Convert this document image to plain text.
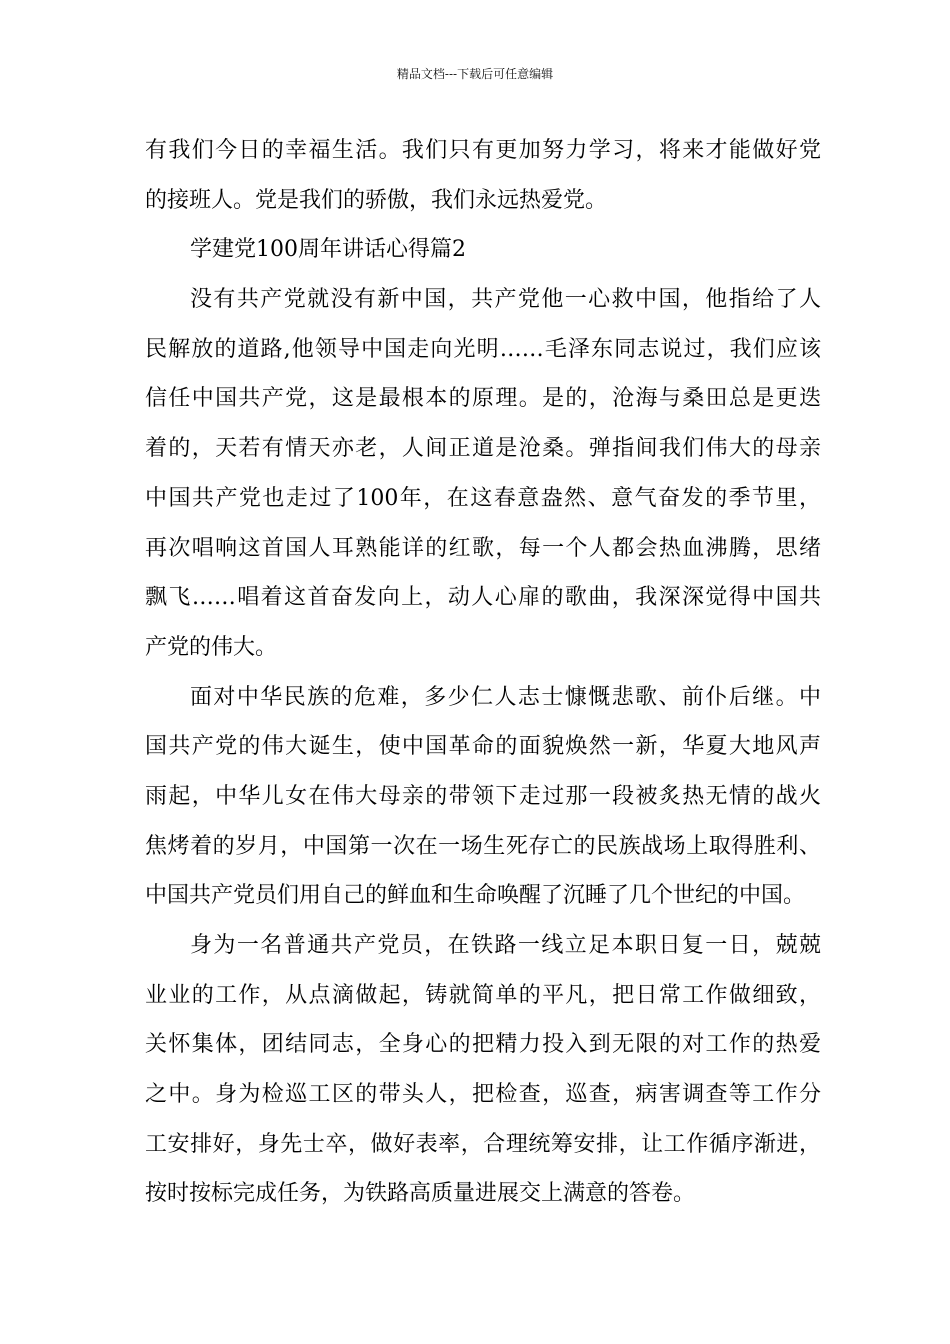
精品文档---下载后可任意编辑
有我们今日的幸福生活。我们只有更加努力学习，将来才能做好党
的接班人。党是我们的骄傲，我们永远热爱党。
学建党100周年讲话心得篇2
没有共产党就没有新中国，共产党他一心救中国，他指给了人
民解放的道路,他领导中国走向光明……毛泽东同志说过，我们应该
信任中国共产党，这是最根本的原理。是的，沧海与桑田总是更迭
着的，天若有情天亦老，人间正道是沧桑。弹指间我们伟大的母亲
中国共产党也走过了100年，在这春意盎然、意气奋发的季节里，
再次唱响这首国人耳熟能详的红歌，每一个人都会热血沸腾，思绪
飘飞……唱着这首奋发向上，动人心扉的歌曲，我深深觉得中国共
产党的伟大。
面对中华民族的危难，多少仁人志士慷慨悲歌、前仆后继。中
国共产党的伟大诞生，使中国革命的面貌焕然一新，华夏大地风声
雨起，中华儿女在伟大母亲的带领下走过那一段被炙热无情的战火
焦烤着的岁月，中国第一次在一场生死存亡的民族战场上取得胜利、
中国共产党员们用自己的鲜血和生命唤醒了沉睡了几个世纪的中国。
身为一名普通共产党员，在铁路一线立足本职日复一日，兢兢
业业的工作，从点滴做起，铸就简单的平凡，把日常工作做细致，
关怀集体，团结同志，全身心的把精力投入到无限的对工作的热爱
之中。身为检巡工区的带头人，把检查，巡查，病害调查等工作分
工安排好，身先士卒，做好表率，合理统筹安排，让工作循序渐进，
按时按标完成任务，为铁路高质量进展交上满意的答卷。
